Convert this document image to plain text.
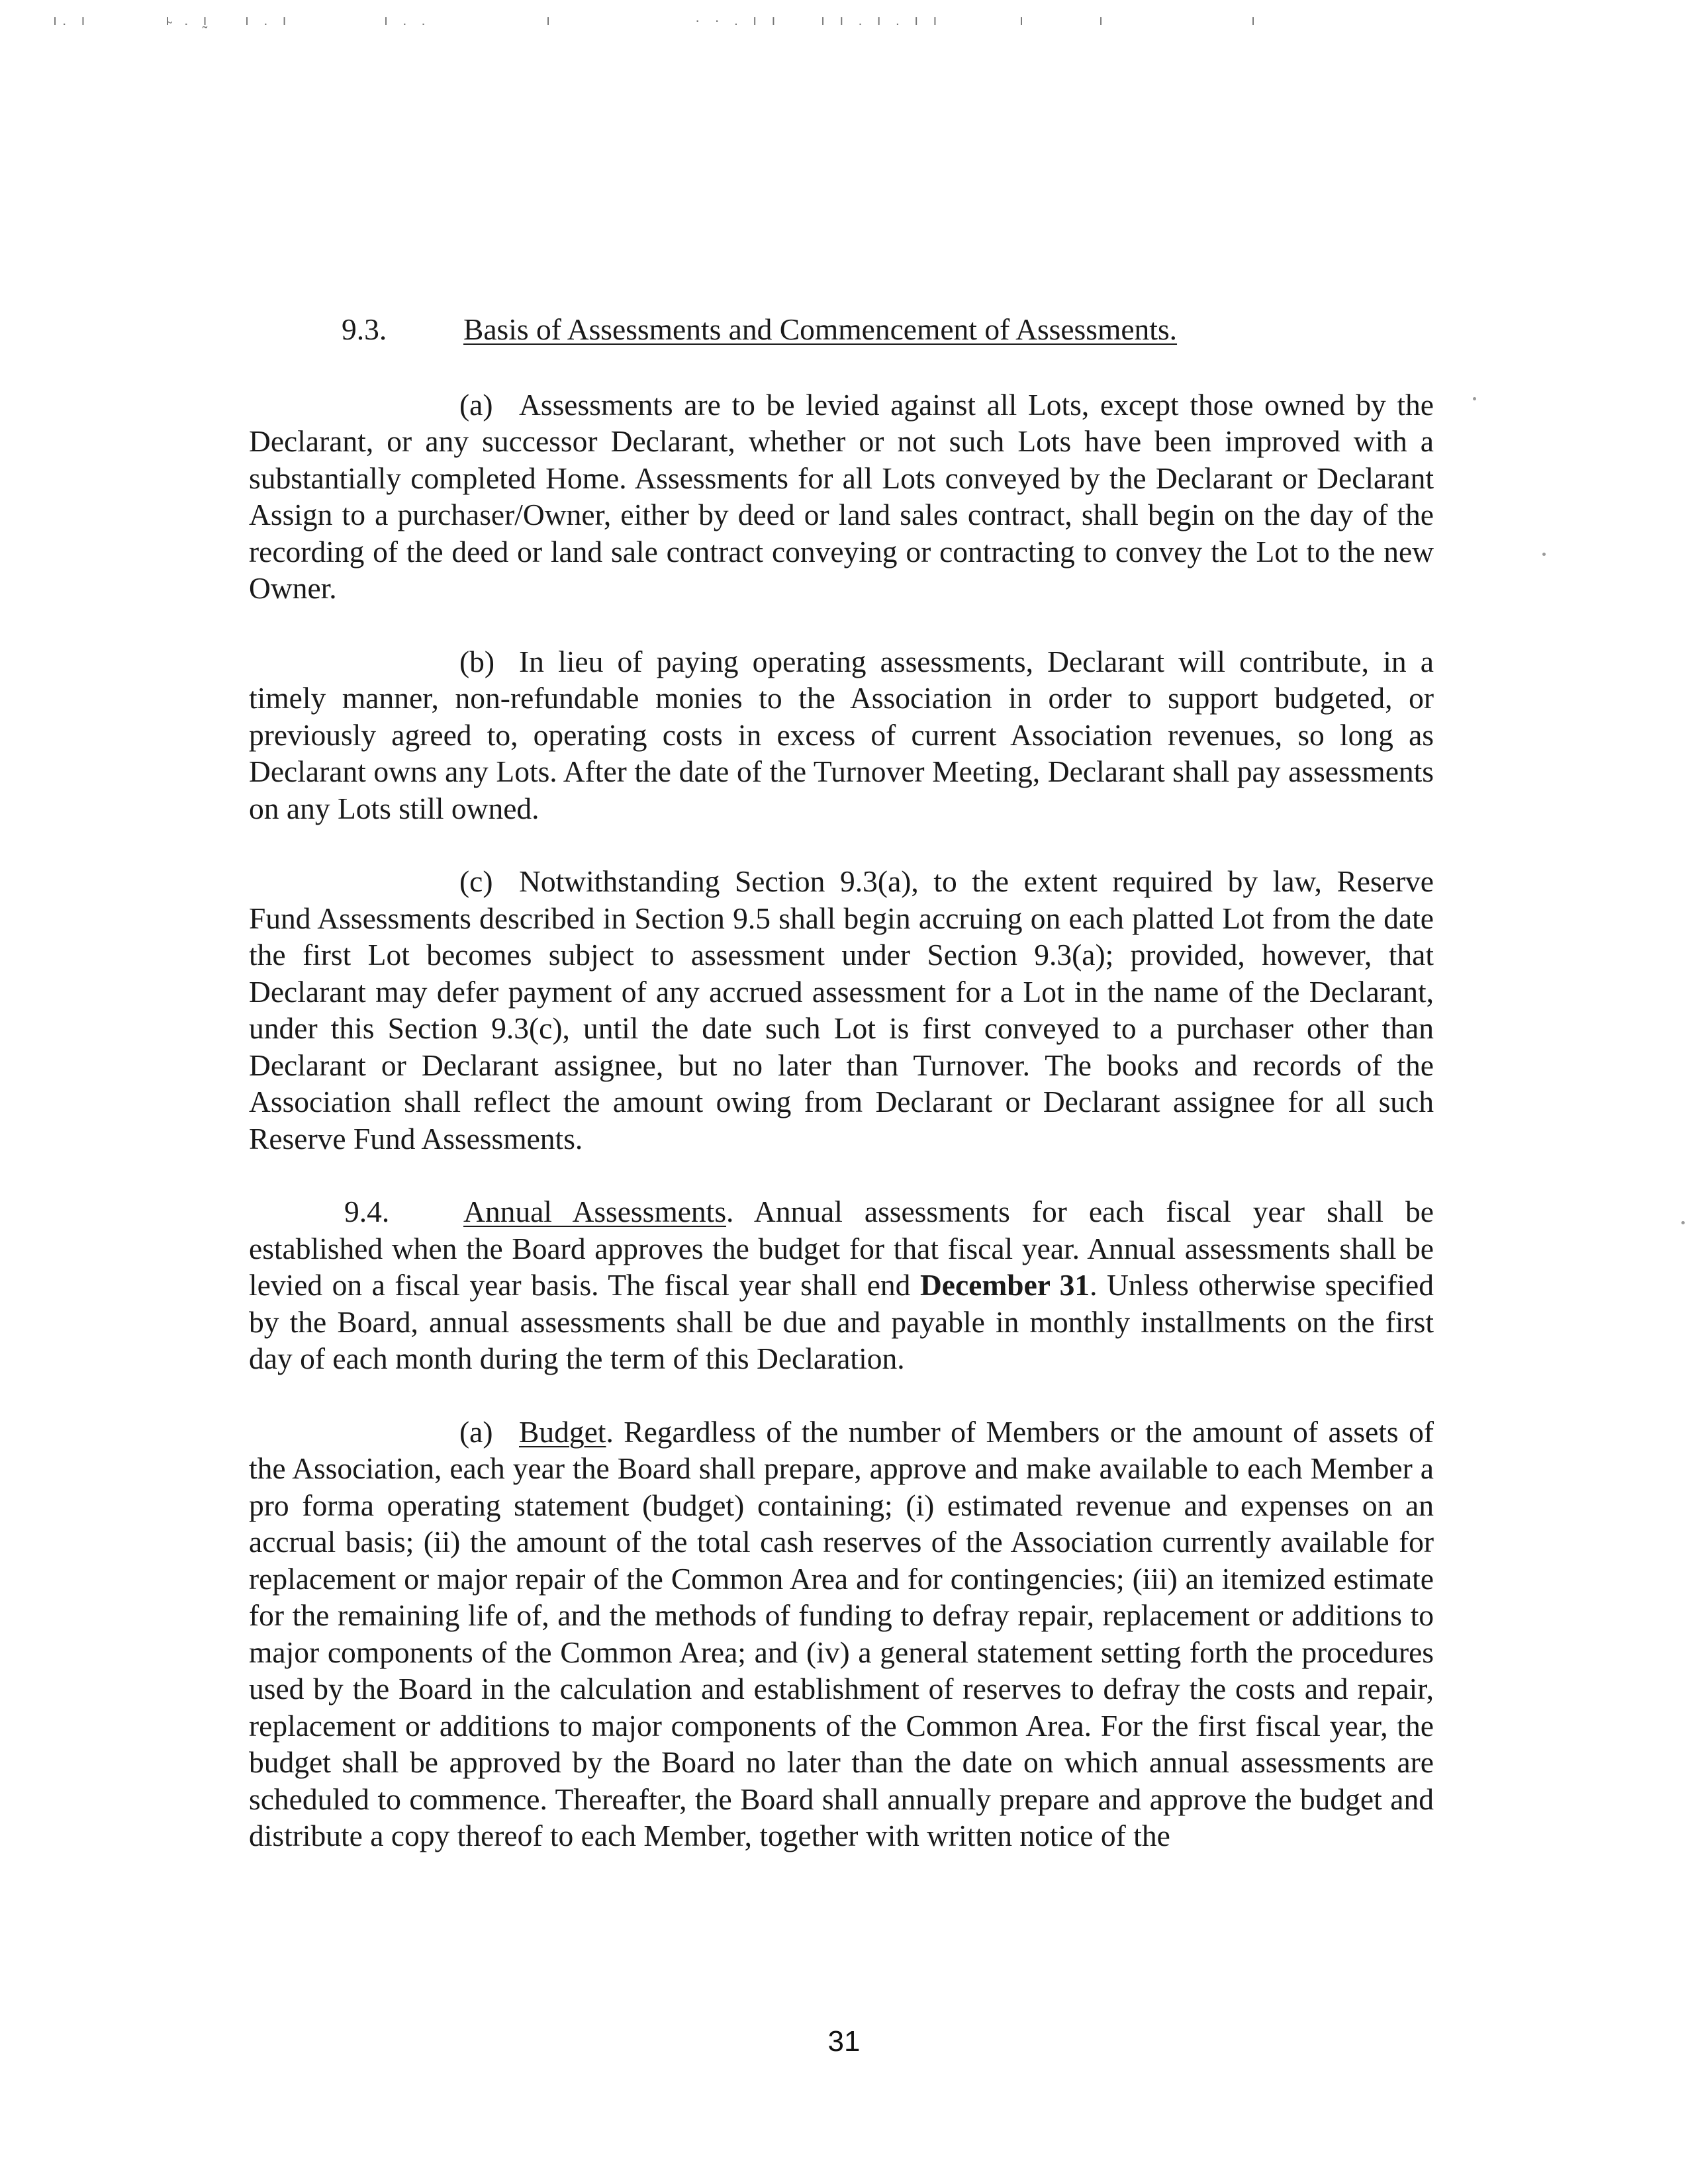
ı. ı	ı̴ . ı̰ ı . ı	ı . .	ı	· · . ı ı	ı ı . ı . ı ı	ı	ı	ı

9.3.	Basis of Assessments and Commencement of Assessments.

(a) Assessments are to be levied against all Lots, except those owned by the Declarant, or any successor Declarant, whether or not such Lots have been improved with a substantially completed Home. Assessments for all Lots conveyed by the Declarant or Declarant Assign to a purchaser/Owner, either by deed or land sales contract, shall begin on the day of the recording of the deed or land sale contract conveying or contracting to convey the Lot to the new Owner.

(b) In lieu of paying operating assessments, Declarant will contribute, in a timely manner, non-refundable monies to the Association in order to support budgeted, or previously agreed to, operating costs in excess of current Association revenues, so long as Declarant owns any Lots. After the date of the Turnover Meeting, Declarant shall pay assessments on any Lots still owned.

(c) Notwithstanding Section 9.3(a), to the extent required by law, Reserve Fund Assessments described in Section 9.5 shall begin accruing on each platted Lot from the date the first Lot becomes subject to assessment under Section 9.3(a); provided, however, that Declarant may defer payment of any accrued assessment for a Lot in the name of the Declarant, under this Section 9.3(c), until the date such Lot is first conveyed to a purchaser other than Declarant or Declarant assignee, but no later than Turnover. The books and records of the Association shall reflect the amount owing from Declarant or Declarant assignee for all such Reserve Fund Assessments.

9.4. Annual Assessments. Annual assessments for each fiscal year shall be established when the Board approves the budget for that fiscal year. Annual assessments shall be levied on a fiscal year basis. The fiscal year shall end December 31. Unless otherwise specified by the Board, annual assessments shall be due and payable in monthly installments on the first day of each month during the term of this Declaration.

(a) Budget. Regardless of the number of Members or the amount of assets of the Association, each year the Board shall prepare, approve and make available to each Member a pro forma operating statement (budget) containing; (i) estimated revenue and expenses on an accrual basis; (ii) the amount of the total cash reserves of the Association currently available for replacement or major repair of the Common Area and for contingencies; (iii) an itemized estimate for the remaining life of, and the methods of funding to defray repair, replacement or additions to major components of the Common Area; and (iv) a general statement setting forth the procedures used by the Board in the calculation and establishment of reserves to defray the costs and repair, replacement or additions to major components of the Common Area. For the first fiscal year, the budget shall be approved by the Board no later than the date on which annual assessments are scheduled to commence. Thereafter, the Board shall annually prepare and approve the budget and distribute a copy thereof to each Member, together with written notice of the

31
